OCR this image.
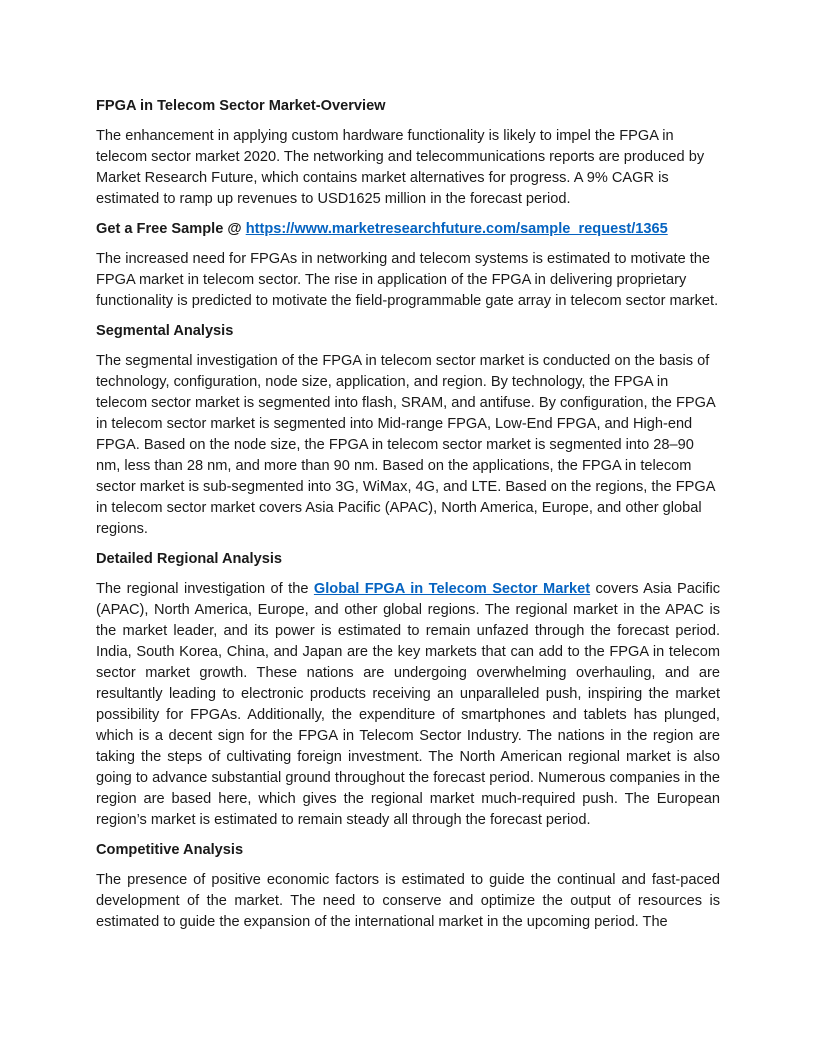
FPGA in Telecom Sector Market-Overview
The enhancement in applying custom hardware functionality is likely to impel the FPGA in telecom sector market 2020. The networking and telecommunications reports are produced by Market Research Future, which contains market alternatives for progress. A 9% CAGR is estimated to ramp up revenues to USD1625 million in the forecast period.
Get a Free Sample @ https://www.marketresearchfuture.com/sample_request/1365
The increased need for FPGAs in networking and telecom systems is estimated to motivate the FPGA market in telecom sector. The rise in application of the FPGA in delivering proprietary functionality is predicted to motivate the field-programmable gate array in telecom sector market.
Segmental Analysis
The segmental investigation of the FPGA in telecom sector market is conducted on the basis of technology, configuration, node size, application, and region. By technology, the FPGA in telecom sector market is segmented into flash, SRAM, and antifuse. By configuration, the FPGA in telecom sector market is segmented into Mid-range FPGA, Low-End FPGA, and High-end FPGA. Based on the node size, the FPGA in telecom sector market is segmented into 28–90 nm, less than 28 nm, and more than 90 nm. Based on the applications, the FPGA in telecom sector market is sub-segmented into 3G, WiMax, 4G, and LTE. Based on the regions, the FPGA in telecom sector market covers Asia Pacific (APAC), North America, Europe, and other global regions.
Detailed Regional Analysis
The regional investigation of the Global FPGA in Telecom Sector Market covers Asia Pacific (APAC), North America, Europe, and other global regions. The regional market in the APAC is the market leader, and its power is estimated to remain unfazed through the forecast period. India, South Korea, China, and Japan are the key markets that can add to the FPGA in telecom sector market growth. These nations are undergoing overwhelming overhauling, and are resultantly leading to electronic products receiving an unparalleled push, inspiring the market possibility for FPGAs. Additionally, the expenditure of smartphones and tablets has plunged, which is a decent sign for the FPGA in Telecom Sector Industry. The nations in the region are taking the steps of cultivating foreign investment. The North American regional market is also going to advance substantial ground throughout the forecast period. Numerous companies in the region are based here, which gives the regional market much-required push. The European region’s market is estimated to remain steady all through the forecast period.
Competitive Analysis
The presence of positive economic factors is estimated to guide the continual and fast-paced development of the market. The need to conserve and optimize the output of resources is estimated to guide the expansion of the international market in the upcoming period. The
